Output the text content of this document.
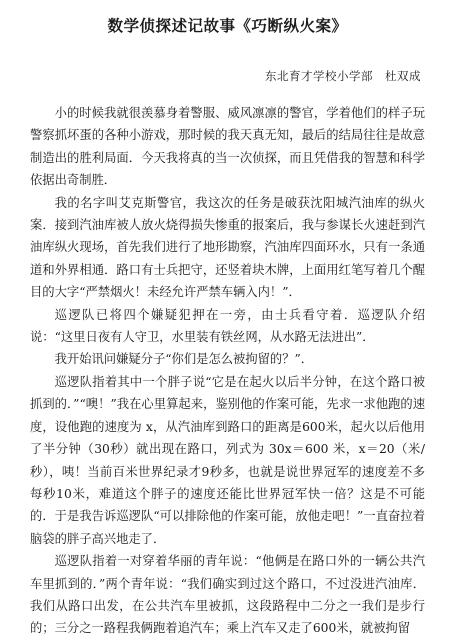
数学侦探述记故事《巧断纵火案》
东北育才学校小学部　杜双成

小的时候我就很羡慕身着警服、威风凛凛的警官，学着他们的样子玩警察抓坏蛋的各种小游戏，那时候的我天真无知，最后的结局往往是故意制造出的胜利局面．今天我将真的当一次侦探，而且凭借我的智慧和科学依据出奇制胜．

我的名字叫艾克斯警官，我这次的任务是破获沈阳城汽油库的纵火案．接到汽油库被人放火烧得损失惨重的报案后，我与参谋长火速赶到汽油库纵火现场，首先我们进行了地形勘察，汽油库四面环水，只有一条通道和外界相通．路口有士兵把守，还竖着块木牌，上面用红笔写着几个醒目的大字“严禁烟火！未经允许严禁车辆入内！”．

巡逻队已将四个嫌疑犯押在一旁，由士兵看守着．巡逻队介绍说：“这里日夜有人守卫，水里装有铁丝网，从水路无法进出”．

我开始讯问嫌疑分子“你们是怎么被拘留的？”．

巡逻队指着其中一个胖子说“它是在起火以后半分钟，在这个路口被抓到的．”“噢！”我在心里算起来，鉴别他的作案可能，先求一求他跑的速度，设他跑的速度为 x，从汽油库到路口的距离是600米，起火以后他用了半分钟（30秒）就出现在路口，列式为 30x＝600 米，x＝20（米/秒），咦！当前百米世界纪录才9秒多，也就是说世界冠军的速度差不多每秒10米，难道这个胖子的速度还能比世界冠军快一倍？这是不可能的．于是我告诉巡逻队“可以排除他的作案可能，放他走吧！”一直奋拉着脑袋的胖子高兴地走了．

巡逻队指着一对穿着华丽的青年说：“他俩是在路口外的一辆公共汽车里抓到的．”两个青年说：“我们确实到过这个路口，不过没进汽油库．我们从路口出发，在公共汽车里被抓，这段路程中二分之一我们是步行的；三分之一路程我俩跑着追汽车；乘上汽车又走了600米，就被拘留
